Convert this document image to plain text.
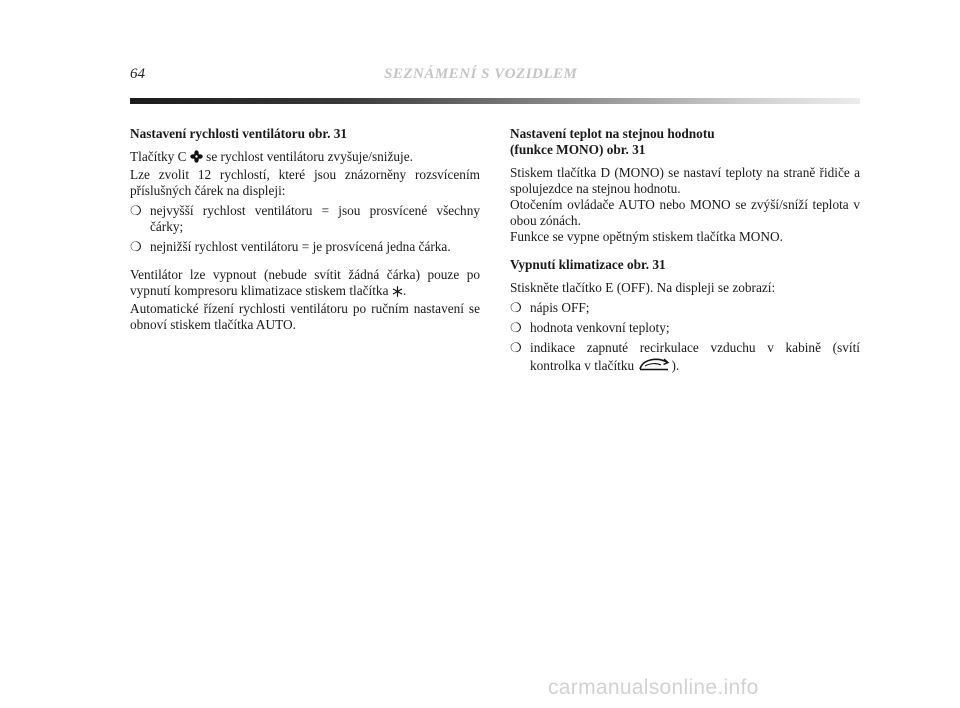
64	SEZNÁMENÍ S VOZIDLEM

Nastavení rychlosti ventilátoru obr. 31

Tlačítky C se rychlost ventilátoru zvyšuje/snižuje.

Lze zvolit 12 rychlostí, které jsou znázorněny rozsvícením příslušných čárek na displeji:

❍ nejvyšší rychlost ventilátoru = jsou prosvícené všechny čárky;
❍ nejnižší rychlost ventilátoru = je prosvícená jedna čárka.

Ventilátor lze vypnout (nebude svítit žádná čárka) pouze po vypnutí kompresoru klimatizace stiskem tlačítka .

Automatické řízení rychlosti ventilátoru po ručním nastavení se obnoví stiskem tlačítka AUTO.

Nastavení teplot na stejnou hodnotu
(funkce MONO) obr. 31

Stiskem tlačítka D (MONO) se nastaví teploty na straně řidiče a spolujezdce na stejnou hodnotu.

Otočením ovládače AUTO nebo MONO se zvýší/sníží teplota v obou zónách.

Funkce se vypne opětným stiskem tlačítka MONO.

Vypnutí klimatizace obr. 31

Stiskněte tlačítko E (OFF). Na displeji se zobrazí:

❍ nápis OFF;
❍ hodnota venkovní teploty;
❍ indikace zapnuté recirkulace vzduchu v kabině (svítí kontrolka v tlačítku	).
carmanualsonline.info
